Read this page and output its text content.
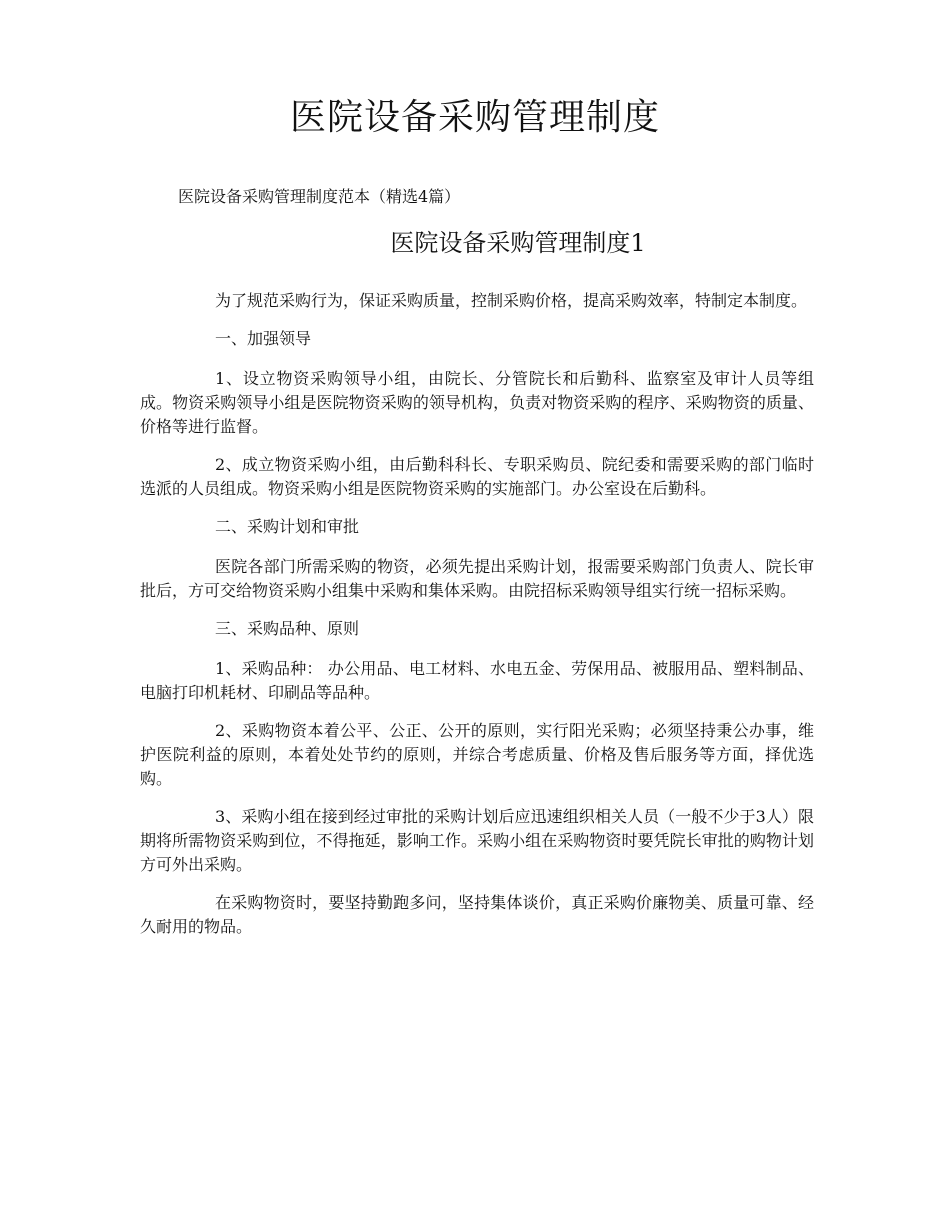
医院设备采购管理制度

医院设备采购管理制度范本（精选4篇）

医院设备采购管理制度1

为了规范采购行为，保证采购质量，控制采购价格，提高采购效率，特制定本制度。

一、加强领导

1、设立物资采购领导小组，由院长、分管院长和后勤科、监察室及审计人员等组成。物资采购领导小组是医院物资采购的领导机构，负责对物资采购的程序、采购物资的质量、价格等进行监督。

2、成立物资采购小组，由后勤科科长、专职采购员、院纪委和需要采购的部门临时选派的人员组成。物资采购小组是医院物资采购的实施部门。办公室设在后勤科。

二、采购计划和审批

医院各部门所需采购的物资，必须先提出采购计划，报需要采购部门负责人、院长审批后，方可交给物资采购小组集中采购和集体采购。由院招标采购领导组实行统一招标采购。

三、采购品种、原则

1、采购品种： 办公用品、电工材料、水电五金、劳保用品、被服用品、塑料制品、电脑打印机耗材、印刷品等品种。

2、采购物资本着公平、公正、公开的原则，实行阳光采购；必须坚持秉公办事，维护医院利益的原则，本着处处节约的原则，并综合考虑质量、价格及售后服务等方面，择优选购。

3、采购小组在接到经过审批的采购计划后应迅速组织相关人员（一般不少于3人）限期将所需物资采购到位，不得拖延，影响工作。采购小组在采购物资时要凭院长审批的购物计划方可外出采购。

在采购物资时，要坚持勤跑多问，坚持集体谈价，真正采购价廉物美、质量可靠、经久耐用的物品。
